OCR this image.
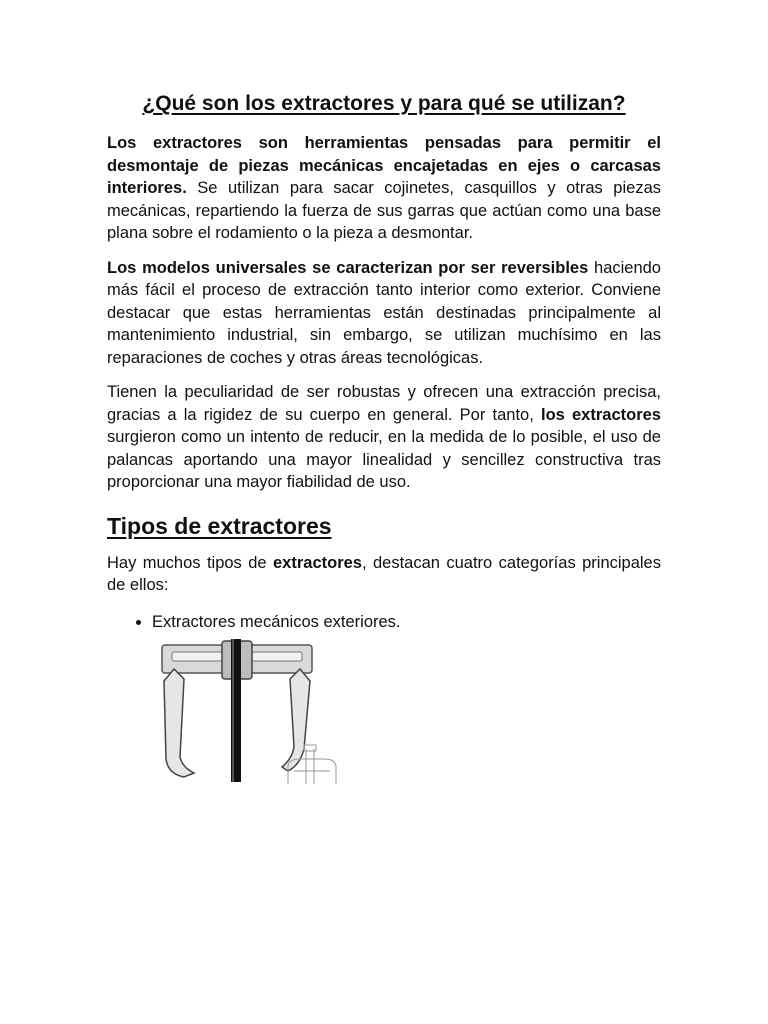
¿Qué son los extractores y para qué se utilizan?

Los extractores son herramientas pensadas para permitir el desmontaje de piezas mecánicas encajetadas en ejes o carcasas interiores. Se utilizan para sacar cojinetes, casquillos y otras piezas mecánicas, repartiendo la fuerza de sus garras que actúan como una base plana sobre el rodamiento o la pieza a desmontar.

Los modelos universales se caracterizan por ser reversibles haciendo más fácil el proceso de extracción tanto interior como exterior. Conviene destacar que estas herramientas están destinadas principalmente al mantenimiento industrial, sin embargo, se utilizan muchísimo en las reparaciones de coches y otras áreas tecnológicas.

Tienen la peculiaridad de ser robustas y ofrecen una extracción precisa, gracias a la rigidez de su cuerpo en general. Por tanto, los extractores surgieron como un intento de reducir, en la medida de lo posible, el uso de palancas aportando una mayor linealidad y sencillez constructiva tras proporcionar una mayor fiabilidad de uso.

Tipos de extractores

Hay muchos tipos de extractores, destacan cuatro categorías principales de ellos:

• Extractores mecánicos exteriores.
